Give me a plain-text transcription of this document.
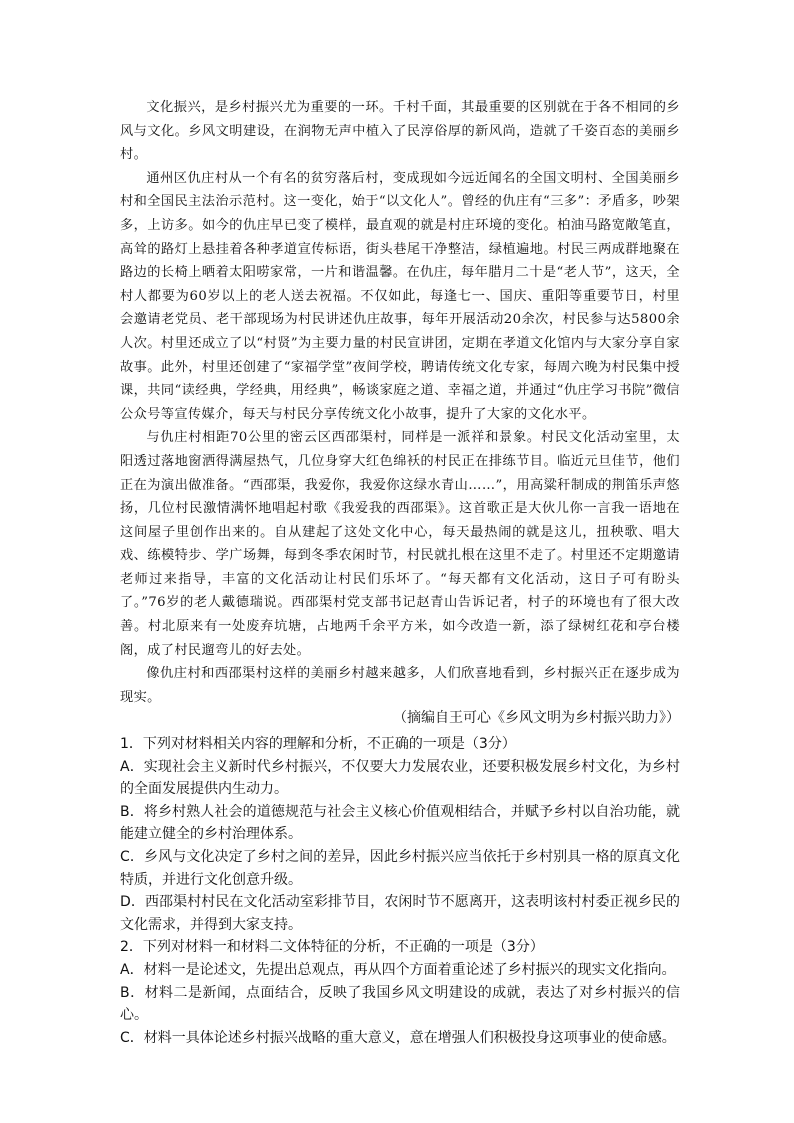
文化振兴，是乡村振兴尤为重要的一环。千村千面，其最重要的区别就在于各不相同的乡风与文化。乡风文明建设，在润物无声中植入了民淳俗厚的新风尚，造就了千姿百态的美丽乡村。

通州区仇庄村从一个有名的贫穷落后村，变成现如今远近闻名的全国文明村、全国美丽乡村和全国民主法治示范村。这一变化，始于“以文化人”。曾经的仇庄有“三多”：矛盾多，吵架多，上访多。如今的仇庄早已变了模样，最直观的就是村庄环境的变化。柏油马路宽敞笔直，高耸的路灯上悬挂着各种孝道宣传标语，街头巷尾干净整洁，绿植遍地。村民三两成群地聚在路边的长椅上晒着太阳唠家常，一片和谐温馨。在仇庄，每年腊月二十是“老人节”，这天，全村人都要为60岁以上的老人送去祝福。不仅如此，每逢七一、国庆、重阳等重要节日，村里会邀请老党员、老干部现场为村民讲述仇庄故事，每年开展活动20余次，村民参与达5800余人次。村里还成立了以“村贤”为主要力量的村民宣讲团，定期在孝道文化馆内与大家分享自家故事。此外，村里还创建了“家福学堂”夜间学校，聘请传统文化专家，每周六晚为村民集中授课，共同“读经典，学经典，用经典”，畅谈家庭之道、幸福之道，并通过“仇庄学习书院”微信公众号等宣传媒介，每天与村民分享传统文化小故事，提升了大家的文化水平。

与仇庄村相距70公里的密云区西邵渠村，同样是一派祥和景象。村民文化活动室里，太阳透过落地窗洒得满屋热气，几位身穿大红色绵袄的村民正在排练节目。临近元旦佳节，他们正在为演出做准备。“西邵渠，我爱你，我爱你这绿水青山……”，用高粱秆制成的荆笛乐声悠扬，几位村民激情满怀地唱起村歌《我爱我的西邵渠》。这首歌正是大伙儿你一言我一语地在这间屋子里创作出来的。自从建起了这处文化中心，每天最热闹的就是这儿，扭秧歌、唱大戏、练模特步、学广场舞，每到冬季农闲时节，村民就扎根在这里不走了。村里还不定期邀请老师过来指导，丰富的文化活动让村民们乐坏了。“每天都有文化活动，这日子可有盼头了。”76岁的老人戴德瑞说。西邵渠村党支部书记赵青山告诉记者，村子的环境也有了很大改善。村北原来有一处废弃坑塘，占地两千余平方米，如今改造一新，添了绿树红花和亭台楼阁，成了村民遛弯儿的好去处。

像仇庄村和西邵渠村这样的美丽乡村越来越多，人们欣喜地看到，乡村振兴正在逐步成为现实。

（摘编自王可心《乡风文明为乡村振兴助力》）

1．下列对材料相关内容的理解和分析，不正确的一项是（3分）

A．实现社会主义新时代乡村振兴，不仅要大力发展农业，还要积极发展乡村文化，为乡村的全面发展提供内生动力。

B．将乡村熟人社会的道德规范与社会主义核心价值观相结合，并赋予乡村以自治功能，就能建立健全的乡村治理体系。

C．乡风与文化决定了乡村之间的差异，因此乡村振兴应当依托于乡村别具一格的原真文化特质，并进行文化创意升级。

D．西邵渠村村民在文化活动室彩排节目，农闲时节不愿离开，这表明该村村委正视乡民的文化需求，并得到大家支持。

2．下列对材料一和材料二文体特征的分析，不正确的一项是（3分）

A．材料一是论述文，先提出总观点，再从四个方面着重论述了乡村振兴的现实文化指向。

B．材料二是新闻，点面结合，反映了我国乡风文明建设的成就，表达了对乡村振兴的信心。

C．材料一具体论述乡村振兴战略的重大意义，意在增强人们积极投身这项事业的使命感。
